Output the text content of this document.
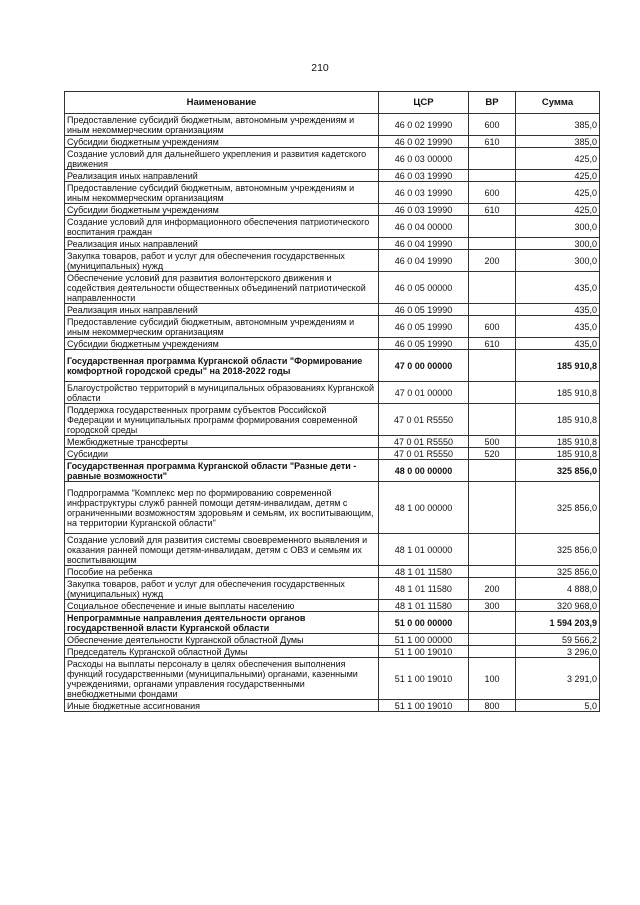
210
Наименование	ЦСР	ВР	Сумма
Предоставление субсидий бюджетным, автономным учреждениям и иным некоммерческим организациям	46 0 02 19990	600	385,0
Субсидии бюджетным учреждениям	46 0 02 19990	610	385,0
Создание условий для дальнейшего укрепления и развития кадетского движения	46 0 03 00000		425,0
Реализация иных направлений	46 0 03 19990		425,0
Предоставление субсидий бюджетным, автономным учреждениям и иным некоммерческим организациям	46 0 03 19990	600	425,0
Субсидии бюджетным учреждениям	46 0 03 19990	610	425,0
Создание условий для информационного обеспечения патриотического воспитания граждан	46 0 04 00000		300,0
Реализация иных направлений	46 0 04 19990		300,0
Закупка товаров, работ и услуг для обеспечения государственных (муниципальных) нужд	46 0 04 19990	200	300,0
Обеспечение условий для развития волонтерского движения и содействия деятельности общественных объединений патриотической направленности	46 0 05 00000		435,0
Реализация иных направлений	46 0 05 19990		435,0
Предоставление субсидий бюджетным, автономным учреждениям и иным некоммерческим организациям	46 0 05 19990	600	435,0
Субсидии бюджетным учреждениям	46 0 05 19990	610	435,0
Государственная программа Курганской области "Формирование комфортной городской среды" на 2018-2022 годы	47 0 00 00000		185 910,8
Благоустройство территорий в муниципальных образованиях Курганской области	47 0 01 00000		185 910,8
Поддержка государственных программ субъектов Российской Федерации и муниципальных программ формирования современной городской среды	47 0 01 R5550		185 910,8
Межбюджетные трансферты	47 0 01 R5550	500	185 910,8
Субсидии	47 0 01 R5550	520	185 910,8
Государственная программа Курганской области "Разные дети - равные возможности"	48 0 00 00000		325 856,0
Подпрограмма "Комплекс мер по формированию современной инфраструктуры служб ранней помощи детям-инвалидам, детям с ограниченными возможностям здоровьям и семьям, их воспитывающим, на территории Курганской области"	48 1 00 00000		325 856,0
Создание условий для развития системы своевременного выявления и оказания ранней помощи детям-инвалидам, детям с ОВЗ и семьям их воспитывающим	48 1 01 00000		325 856,0
Пособие на ребенка	48 1 01 11580		325 856,0
Закупка товаров, работ и услуг для обеспечения государственных (муниципальных) нужд	48 1 01 11580	200	4 888,0
Социальное обеспечение и иные выплаты населению	48 1 01 11580	300	320 968,0
Непрограммные направления деятельности органов государственной власти Курганской области	51 0 00 00000		1 594 203,9
Обеспечение деятельности Курганской областной Думы	51 1 00 00000		59 566,2
Председатель Курганской областной Думы	51 1 00 19010		3 296,0
Расходы на выплаты персоналу в целях обеспечения выполнения функций государственными (муниципальными) органами, казенными учреждениями, органами управления государственными внебюджетными фондами	51 1 00 19010	100	3 291,0
Иные бюджетные ассигнования	51 1 00 19010	800	5,0
